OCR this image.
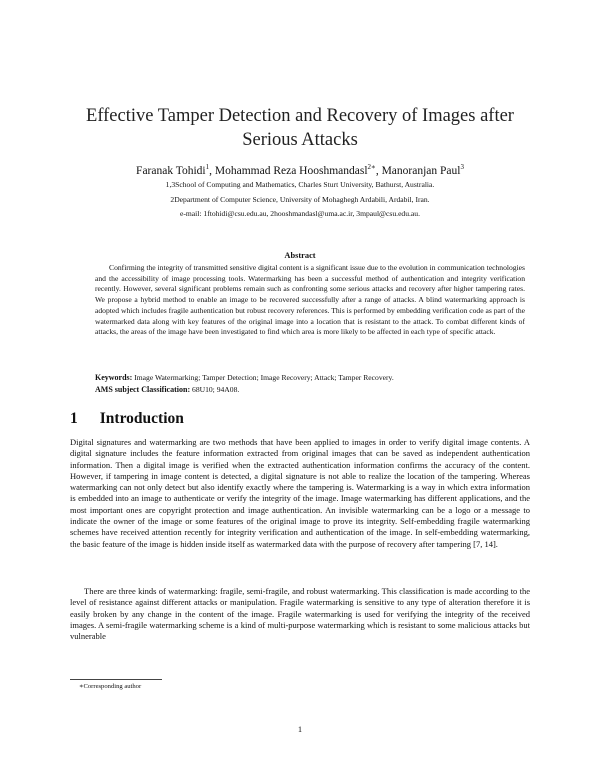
Effective Tamper Detection and Recovery of Images after Serious Attacks
Faranak Tohidi$^1$, Mohammad Reza Hooshmandasl$^{2∗}$, Manoranjan Paul$^3$
1,3School of Computing and Mathematics, Charles Sturt University, Bathurst, Australia.
2Department of Computer Science, University of Mohaghegh Ardabili, Ardabil, Iran.
e-mail: 1ftohidi@csu.edu.au, 2hooshmandasl@uma.ac.ir, 3mpaul@csu.edu.au.
Abstract

Confirming the integrity of transmitted sensitive digital content is a significant issue due to the evolution in communication technologies and the accessibility of image processing tools. Watermarking has been a successful method of authentication and integrity verification recently. However, several significant problems remain such as confronting some serious attacks and recovery after higher tampering rates. We propose a hybrid method to enable an image to be recovered successfully after a range of attacks. A blind watermarking approach is adopted which includes fragile authentication but robust recovery references. This is performed by embedding verification code as part of the watermarked data along with key features of the original image into a location that is resistant to the attack. To combat different kinds of attacks, the areas of the image have been investigated to find which area is more likely to be affected in each type of specific attack.

Keywords: Image Watermarking; Tamper Detection; Image Recovery; Attack; Tamper Recovery.

AMS subject Classification: 68U10; 94A08.

1 Introduction

Digital signatures and watermarking are two methods that have been applied to images in order to verify digital image contents. A digital signature includes the feature information extracted from original images that can be saved as independent authentication information. Then a digital image is verified when the extracted authentication information confirms the accuracy of the content. However, if tampering in image content is detected, a digital signature is not able to realize the location of the tampering. Whereas watermarking can not only detect but also identify exactly where the tampering is. Watermarking is a way in which extra information is embedded into an image to authenticate or verify the integrity of the image. Image watermarking has different applications, and the most important ones are copyright protection and image authentication. An invisible watermarking can be a logo or a message to indicate the owner of the image or some features of the original image to prove its integrity. Self-embedding fragile watermarking schemes have received attention recently for integrity verification and authentication of the image. In self-embedding watermarking, the basic feature of the image is hidden inside itself as watermarked data with the purpose of recovery after tampering [7, 14].

There are three kinds of watermarking: fragile, semi-fragile, and robust watermarking. This classification is made according to the level of resistance against different attacks or manipulation. Fragile watermarking is sensitive to any type of alteration therefore it is easily broken by any change in the content of the image. Fragile watermarking is used for verifying the integrity of the received images. A semi-fragile watermarking scheme is a kind of multi-purpose watermarking which is resistant to some malicious attacks but vulnerable

∗Corresponding author
1
